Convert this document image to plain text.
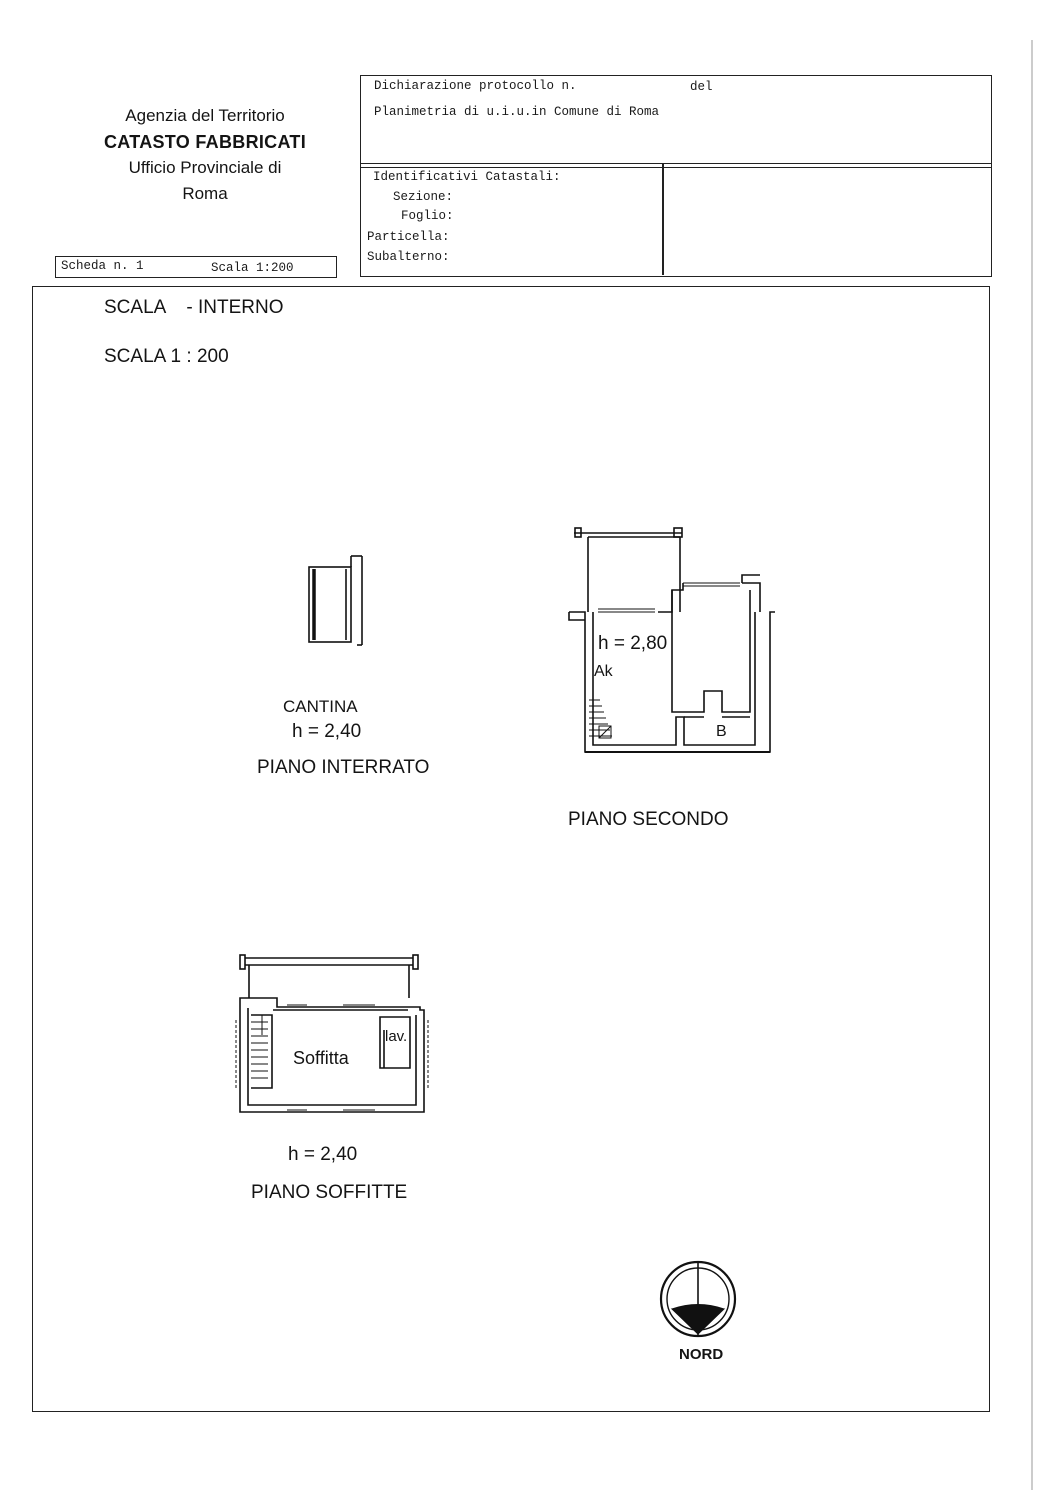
Agenzia del Territorio
CATASTO FABBRICATI
Ufficio Provinciale di
Roma
Dichiarazione protocollo n.	del
Planimetria di u.i.u.in Comune di Roma
Identificativi Catastali:
Sezione:
Foglio:
Particella:
Subalterno:
Scheda n. 1	Scala 1:200
SCALA    - INTERNO
SCALA 1 : 200
CANTINA
h = 2,40
PIANO INTERRATO
h = 2,80
Ak
B
PIANO SECONDO
Soffitta
lav.
h = 2,40
PIANO SOFFITTE
NORD
